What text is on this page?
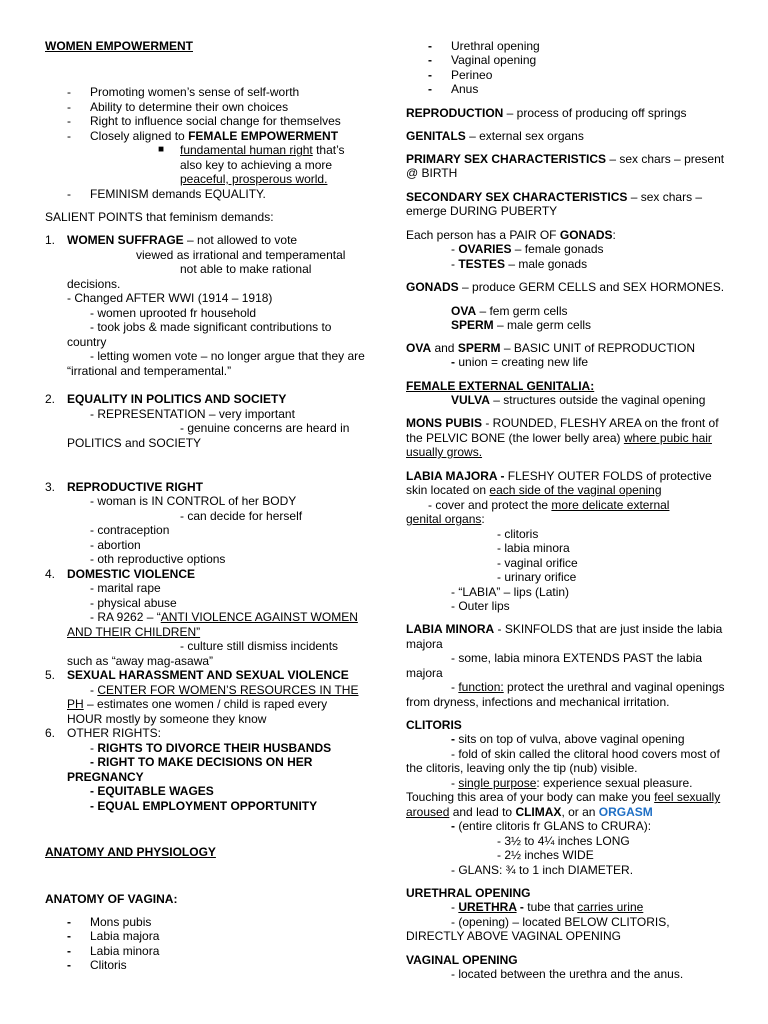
WOMEN EMPOWERMENT
- Promoting women’s sense of self-worth
- Ability to determine their own choices
- Right to influence social change for themselves
- Closely aligned to FEMALE EMPOWERMENT
■ fundamental human right that’s
also key to achieving a more
peaceful, prosperous world.
- FEMINISM demands EQUALITY.
SALIENT POINTS that feminism demands:
1. WOMEN SUFFRAGE – not allowed to vote
viewed as irrational and temperamental
not able to make rational
decisions.
- Changed AFTER WWI (1914 – 1918)
- women uprooted fr household
- took jobs & made significant contributions to
country
- letting women vote – no longer argue that they are
“irrational and temperamental.”
2. EQUALITY IN POLITICS AND SOCIETY
- REPRESENTATION – very important
- genuine concerns are heard in
POLITICS and SOCIETY
3. REPRODUCTIVE RIGHT
- woman is IN CONTROL of her BODY
- can decide for herself
- contraception
- abortion
- oth reproductive options
4. DOMESTIC VIOLENCE
- marital rape
- physical abuse
- RA 9262 – “ANTI VIOLENCE AGAINST WOMEN
AND THEIR CHILDREN”
- culture still dismiss incidents
such as “away mag-asawa”
5. SEXUAL HARASSMENT AND SEXUAL VIOLENCE
- CENTER FOR WOMEN’S RESOURCES IN THE
PH – estimates one women / child is raped every
HOUR mostly by someone they know
6. OTHER RIGHTS:
- RIGHTS TO DIVORCE THEIR HUSBANDS
- RIGHT TO MAKE DECISIONS ON HER
PREGNANCY
- EQUITABLE WAGES
- EQUAL EMPLOYMENT OPPORTUNITY
ANATOMY AND PHYSIOLOGY
ANATOMY OF VAGINA:
- Mons pubis
- Labia majora
- Labia minora
- Clitoris
- Urethral opening
- Vaginal opening
- Perineo
- Anus
REPRODUCTION – process of producing off springs
GENITALS – external sex organs
PRIMARY SEX CHARACTERISTICS – sex chars – present
@ BIRTH
SECONDARY SEX CHARACTERISTICS – sex chars –
emerge DURING PUBERTY
Each person has a PAIR OF GONADS:
- OVARIES – female gonads
- TESTES – male gonads
GONADS – produce GERM CELLS and SEX HORMONES.
OVA – fem germ cells
SPERM – male germ cells
OVA and SPERM – BASIC UNIT of REPRODUCTION
- union = creating new life
FEMALE EXTERNAL GENITALIA:
VULVA – structures outside the vaginal opening
MONS PUBIS - ROUNDED, FLESHY AREA on the front of
the PELVIC BONE (the lower belly area) where pubic hair
usually grows.
LABIA MAJORA - FLESHY OUTER FOLDS of protective
skin located on each side of the vaginal opening
- cover and protect the more delicate external
genital organs:
- clitoris
- labia minora
- vaginal orifice
- urinary orifice
- “LABIA” – lips (Latin)
- Outer lips
LABIA MINORA - SKINFOLDS that are just inside the labia
majora
- some, labia minora EXTENDS PAST the labia
majora
- function: protect the urethral and vaginal openings
from dryness, infections and mechanical irritation.
CLITORIS
- sits on top of vulva, above vaginal opening
- fold of skin called the clitoral hood covers most of
the clitoris, leaving only the tip (nub) visible.
- single purpose: experience sexual pleasure.
Touching this area of your body can make you feel sexually
aroused and lead to CLIMAX, or an ORGASM
- (entire clitoris fr GLANS to CRURA):
- 3½ to 4¼ inches LONG
- 2½ inches WIDE
- GLANS: ¾ to 1 inch DIAMETER.
URETHRAL OPENING
- URETHRA - tube that carries urine
- (opening) – located BELOW CLITORIS,
DIRECTLY ABOVE VAGINAL OPENING
VAGINAL OPENING
- located between the urethra and the anus.
